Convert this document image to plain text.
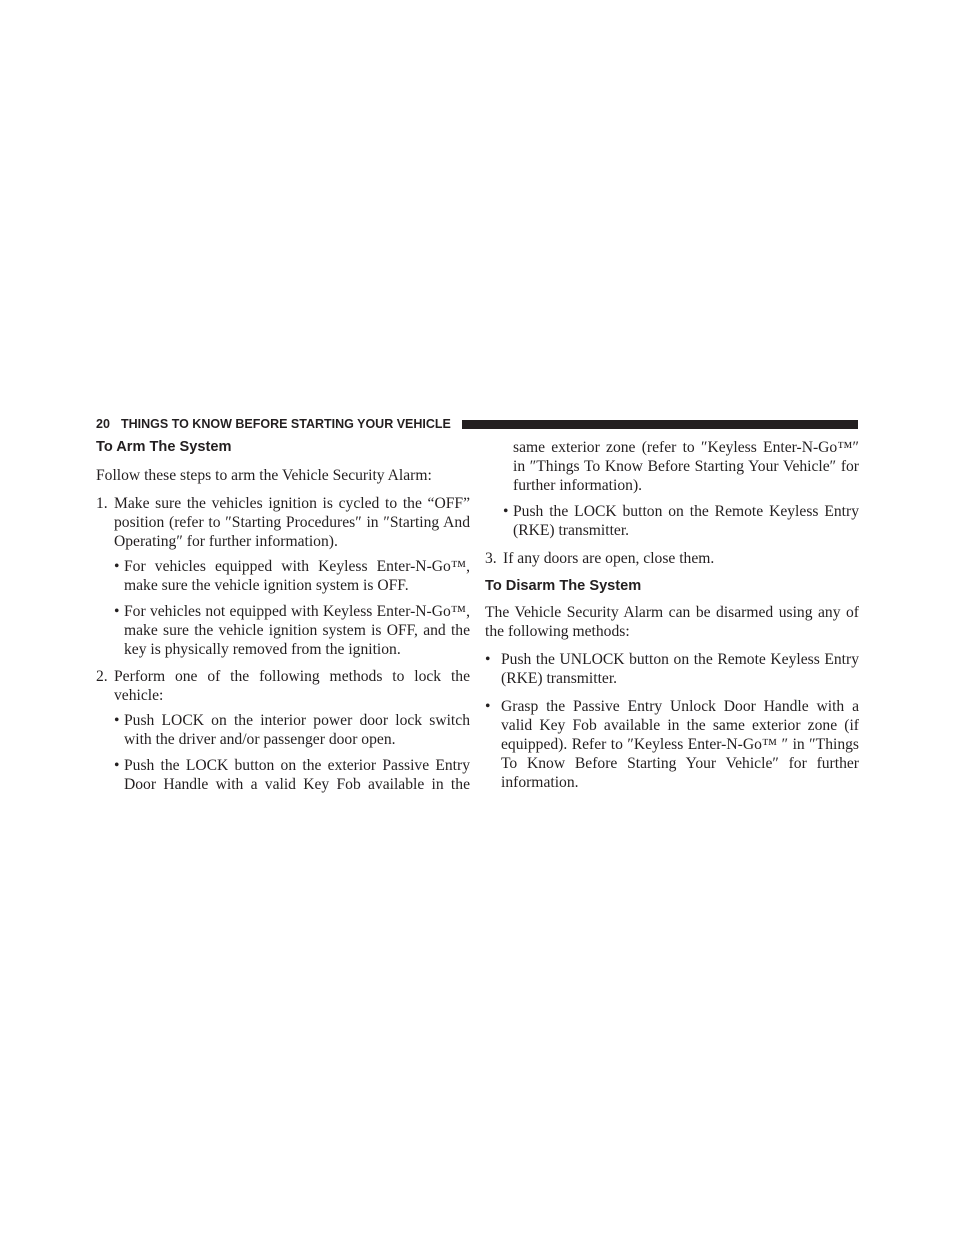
20 THINGS TO KNOW BEFORE STARTING YOUR VEHICLE
To Arm The System

Follow these steps to arm the Vehicle Security Alarm:

1. Make sure the vehicles ignition is cycled to the “OFF” position (refer to ″Starting Procedures″ in ″Starting And Operating″ for further information).
• For vehicles equipped with Keyless Enter-N-Go™, make sure the vehicle ignition system is OFF.
• For vehicles not equipped with Keyless Enter-N-Go™, make sure the vehicle ignition system is OFF, and the key is physically removed from the ignition.
2. Perform one of the following methods to lock the vehicle:
• Push LOCK on the interior power door lock switch with the driver and/or passenger door open.
• Push the LOCK button on the exterior Passive Entry Door Handle with a valid Key Fob available in the

same exterior zone (refer to ″Keyless Enter-N-Go™″ in ″Things To Know Before Starting Your Vehicle″ for further information).

• Push the LOCK button on the Remote Keyless Entry (RKE) transmitter.
3. If any doors are open, close them.
To Disarm The System

The Vehicle Security Alarm can be disarmed using any of the following methods:

• Push the UNLOCK button on the Remote Keyless Entry (RKE) transmitter.
• Grasp the Passive Entry Unlock Door Handle with a valid Key Fob available in the same exterior zone (if equipped). Refer to ″Keyless Enter-N-Go™ ″ in ″Things To Know Before Starting Your Vehicle″ for further information.
